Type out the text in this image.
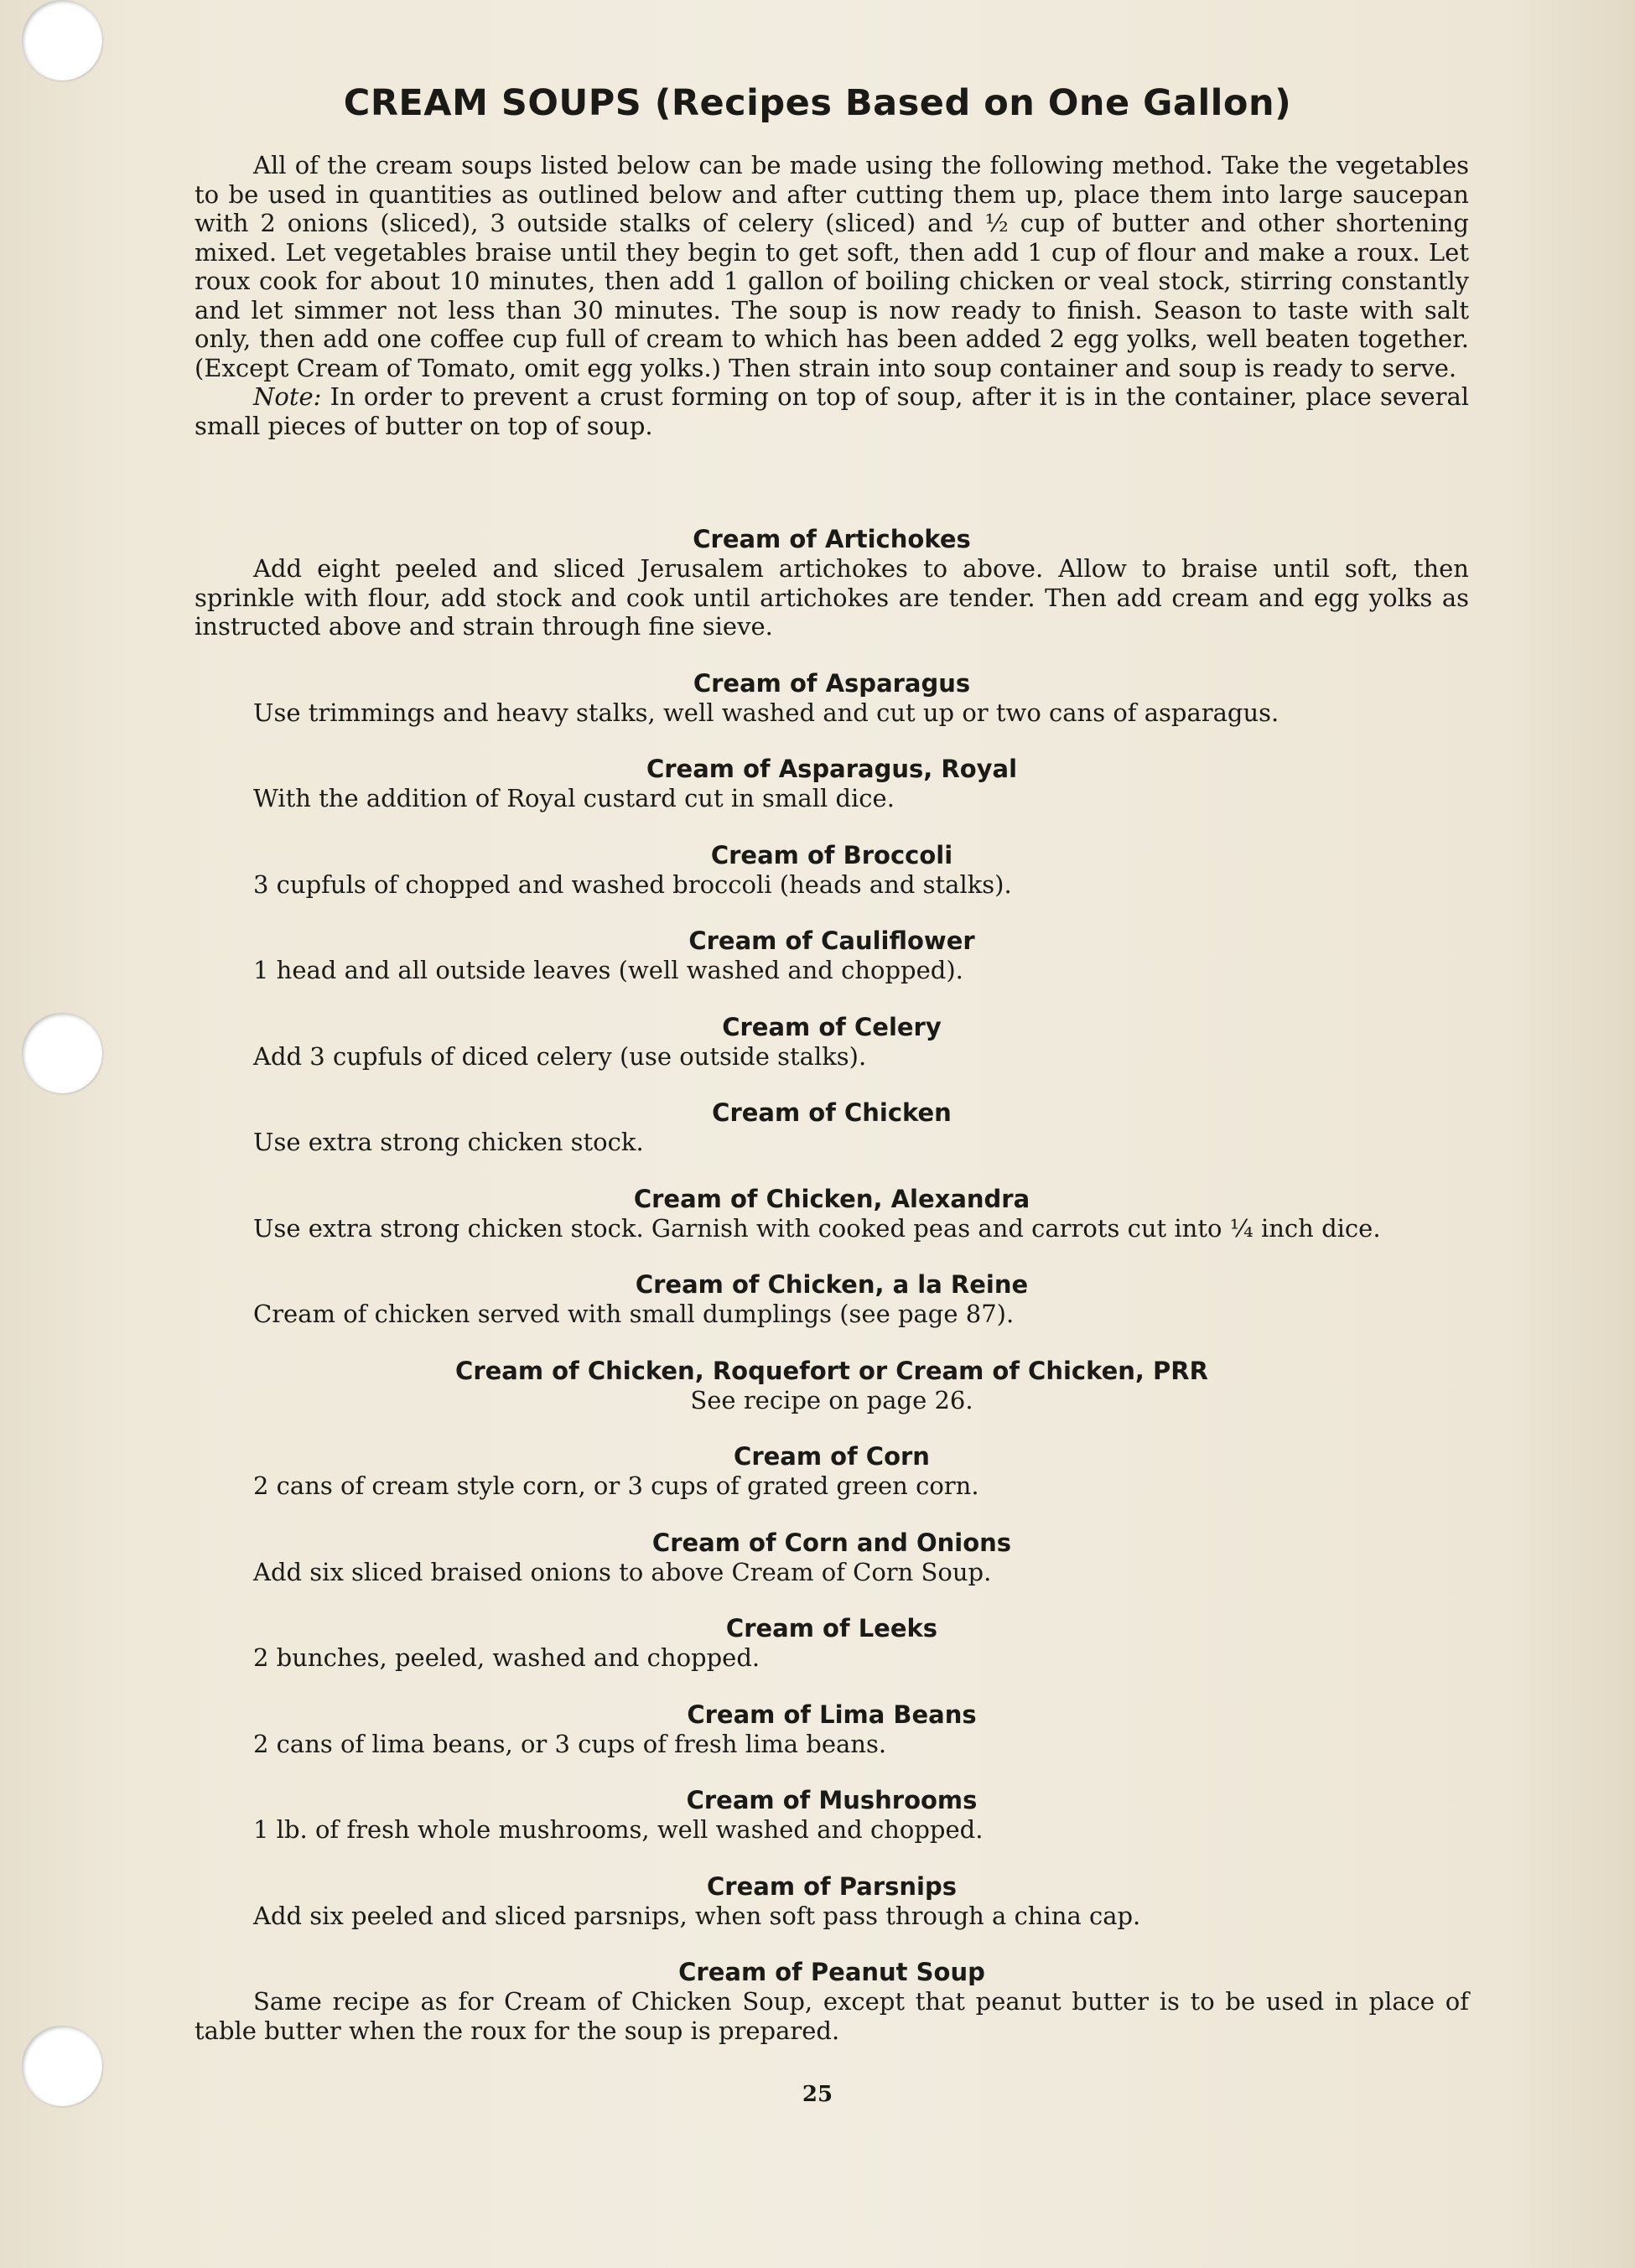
CREAM SOUPS (Recipes Based on One Gallon)

All of the cream soups listed below can be made using the following method. Take the vegetables to be used in quantities as outlined below and after cutting them up, place them into large saucepan with 2 onions (sliced), 3 outside stalks of celery (sliced) and ½ cup of butter and other shortening mixed. Let vegetables braise until they begin to get soft, then add 1 cup of flour and make a roux. Let roux cook for about 10 minutes, then add 1 gallon of boiling chicken or veal stock, stirring constantly and let simmer not less than 30 minutes. The soup is now ready to finish. Season to taste with salt only, then add one coffee cup full of cream to which has been added 2 egg yolks, well beaten together. (Except Cream of Tomato, omit egg yolks.) Then strain into soup container and soup is ready to serve.

Note: In order to prevent a crust forming on top of soup, after it is in the container, place several small pieces of butter on top of soup.

Cream of Artichokes
Add eight peeled and sliced Jerusalem artichokes to above. Allow to braise until soft, then sprinkle with flour, add stock and cook until artichokes are tender. Then add cream and egg yolks as instructed above and strain through fine sieve.
Cream of Asparagus
Use trimmings and heavy stalks, well washed and cut up or two cans of asparagus.
Cream of Asparagus, Royal
With the addition of Royal custard cut in small dice.
Cream of Broccoli
3 cupfuls of chopped and washed broccoli (heads and stalks).
Cream of Cauliflower
1 head and all outside leaves (well washed and chopped).
Cream of Celery
Add 3 cupfuls of diced celery (use outside stalks).
Cream of Chicken
Use extra strong chicken stock.
Cream of Chicken, Alexandra
Use extra strong chicken stock. Garnish with cooked peas and carrots cut into ¼ inch dice.
Cream of Chicken, a la Reine
Cream of chicken served with small dumplings (see page 87).
Cream of Chicken, Roquefort or Cream of Chicken, PRR
See recipe on page 26.
Cream of Corn
2 cans of cream style corn, or 3 cups of grated green corn.
Cream of Corn and Onions
Add six sliced braised onions to above Cream of Corn Soup.
Cream of Leeks
2 bunches, peeled, washed and chopped.
Cream of Lima Beans
2 cans of lima beans, or 3 cups of fresh lima beans.
Cream of Mushrooms
1 lb. of fresh whole mushrooms, well washed and chopped.
Cream of Parsnips
Add six peeled and sliced parsnips, when soft pass through a china cap.
Cream of Peanut Soup
Same recipe as for Cream of Chicken Soup, except that peanut butter is to be used in place of table butter when the roux for the soup is prepared.
25
